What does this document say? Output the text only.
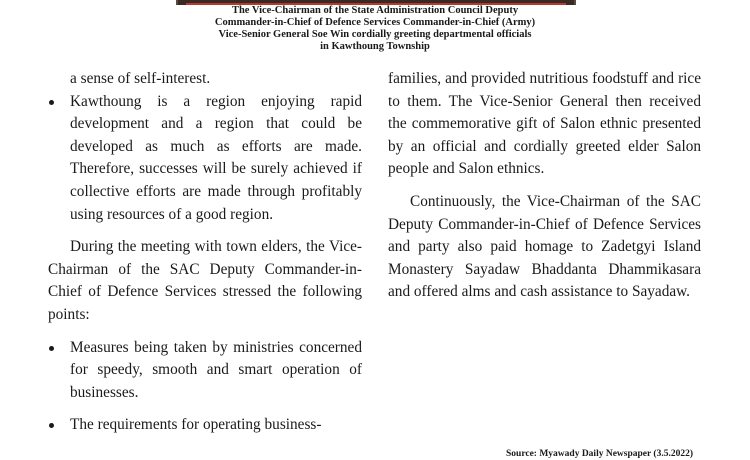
The Vice-Chairman of the State Administration Council Deputy
Commander-in-Chief of Defence Services Commander-in-Chief (Army)
Vice-Senior General Soe Win cordially greeting departmental officials
in Kawthoung Township

a sense of self-interest.

Kawthoung is a region enjoying rapid development and a region that could be developed as much as efforts are made. Therefore, successes will be surely achieved if collective efforts are made through profitably using resources of a good region.

During the meeting with town elders, the Vice-Chairman of the SAC Deputy Commander-in-Chief of Defence Services stressed the following points:

Measures being taken by ministries concerned for speedy, smooth and smart operation of businesses.
The requirements for operating business-

families, and provided nutritious foodstuff and rice to them. The Vice-Senior General then received the commemorative gift of Salon ethnic presented by an official and cordially greeted elder Salon people and Salon ethnics.

Continuously, the Vice-Chairman of the SAC Deputy Commander-in-Chief of Defence Services and party also paid homage to Zadetgyi Island Monastery Sayadaw Bhaddanta Dhammikasara and offered alms and cash assistance to Sayadaw.

Source: Myawady Daily Newspaper (3.5.2022)
